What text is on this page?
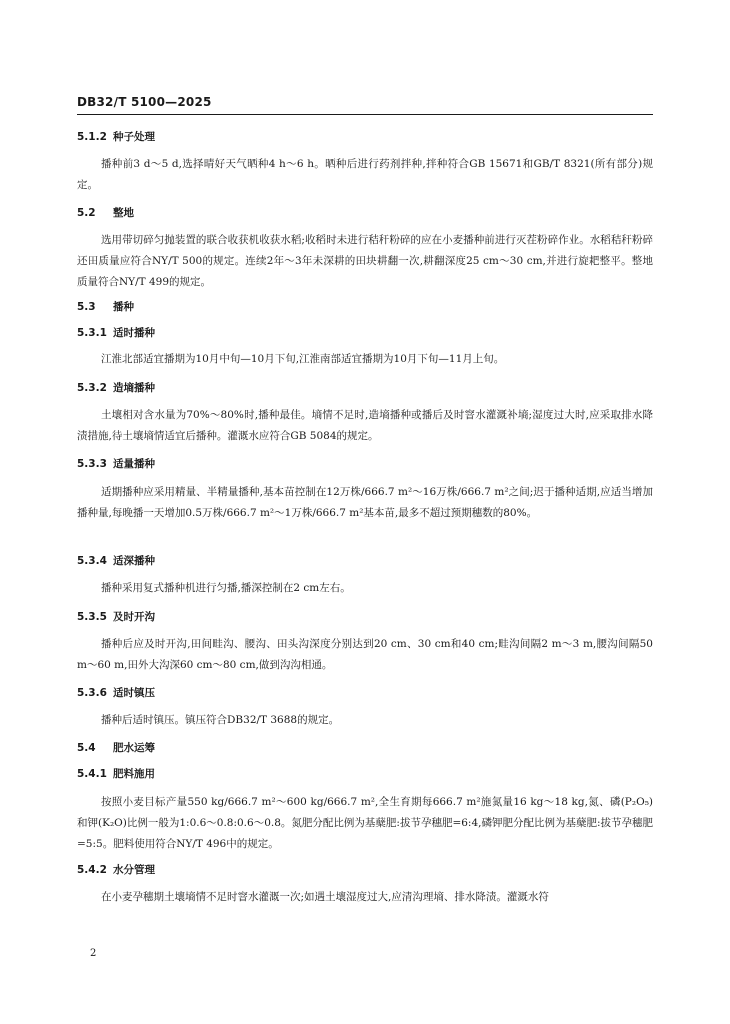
DB32/T 5100—2025
5.1.2 种子处理
播种前3 d～5 d,选择晴好天气晒种4 h～6 h。晒种后进行药剂拌种,拌种符合GB 15671和GB/T 8321(所有部分)规定。
5.2 整地
选用带切碎匀抛装置的联合收获机收获水稻;收稻时未进行秸秆粉碎的应在小麦播种前进行灭茬粉碎作业。水稻秸秆粉碎还田质量应符合NY/T 500的规定。连续2年～3年未深耕的田块耕翻一次,耕翻深度25 cm～30 cm,并进行旋耙整平。整地质量符合NY/T 499的规定。
5.3 播种
5.3.1 适时播种
江淮北部适宜播期为10月中旬—10月下旬,江淮南部适宜播期为10月下旬—11月上旬。
5.3.2 造墒播种
土壤相对含水量为70%～80%时,播种最佳。墒情不足时,造墒播种或播后及时窨水灌溉补墒;湿度过大时,应采取排水降渍措施,待土壤墒情适宜后播种。灌溉水应符合GB 5084的规定。
5.3.3 适量播种
适期播种应采用精量、半精量播种,基本苗控制在12万株/666.7 m²～16万株/666.7 m²之间;迟于播种适期,应适当增加播种量,每晚播一天增加0.5万株/666.7 m²～1万株/666.7 m²基本苗,最多不超过预期穗数的80%。
5.3.4 适深播种
播种采用复式播种机进行匀播,播深控制在2 cm左右。
5.3.5 及时开沟
播种后应及时开沟,田间畦沟、腰沟、田头沟深度分别达到20 cm、30 cm和40 cm;畦沟间隔2 m～3 m,腰沟间隔50 m～60 m,田外大沟深60 cm～80 cm,做到沟沟相通。
5.3.6 适时镇压
播种后适时镇压。镇压符合DB32/T 3688的规定。
5.4 肥水运筹
5.4.1 肥料施用
按照小麦目标产量550 kg/666.7 m²～600 kg/666.7 m²,全生育期每666.7 m²施氮量16 kg～18 kg,氮、磷(P₂O₅)和钾(K₂O)比例一般为1:0.6～0.8:0.6～0.8。氮肥分配比例为基蘖肥:拔节孕穗肥=6:4,磷钾肥分配比例为基蘖肥:拔节孕穗肥=5:5。肥料使用符合NY/T 496中的规定。
5.4.2 水分管理
在小麦孕穗期土壤墒情不足时窨水灌溉一次;如遇土壤湿度过大,应清沟理墒、排水降渍。灌溉水符
2
